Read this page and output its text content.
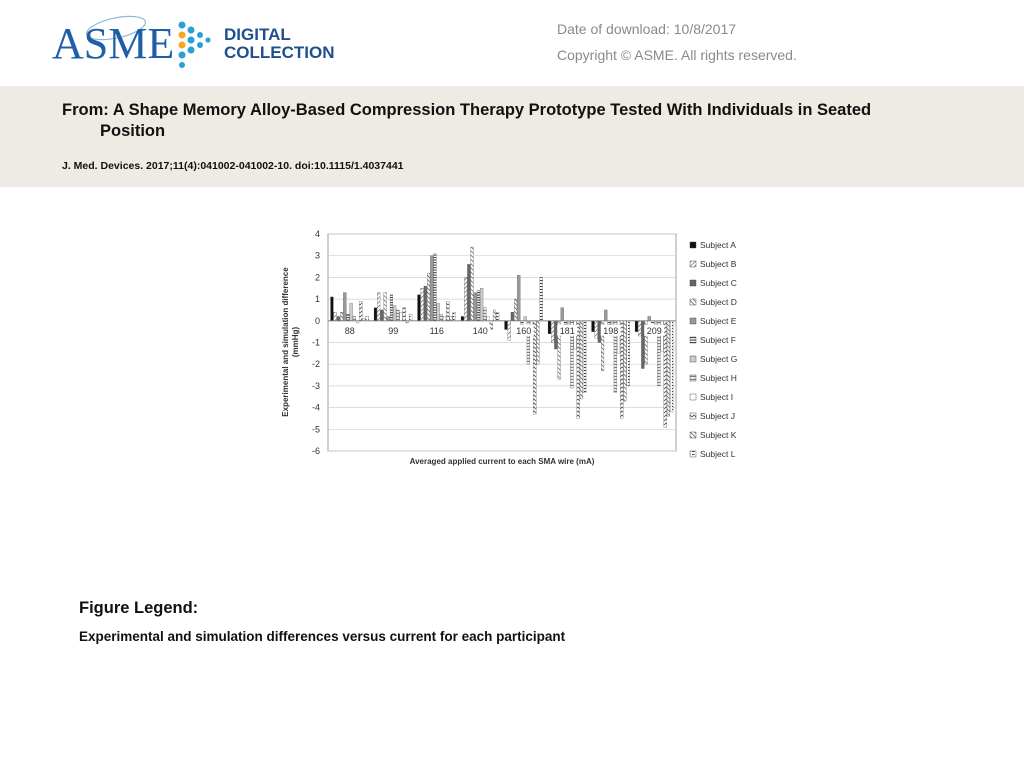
ASME	DIGITAL
COLLECTION
Date of download: 10/8/2017
Copyright © ASME. All rights reserved.
From: A Shape Memory Alloy-Based Compression Therapy Prototype Tested With Individuals in Seated
Position
J. Med. Devices. 2017;11(4):041002-041002-10. doi:10.1115/1.4037441
4
3
2
1
0
-1
-2
-3
-4
-5
-6
88	99	116	140	160	181	198	209
Subject A
Subject B
Subject C
Subject D
Subject E
Subject F
Subject G
Subject H
Subject I
Subject J
Subject K
Subject L
Averaged applied current to each SMA wire (mA)
Experimental and simulation difference (mmHg)
Figure Legend:
Experimental and simulation differences versus current for each participant
